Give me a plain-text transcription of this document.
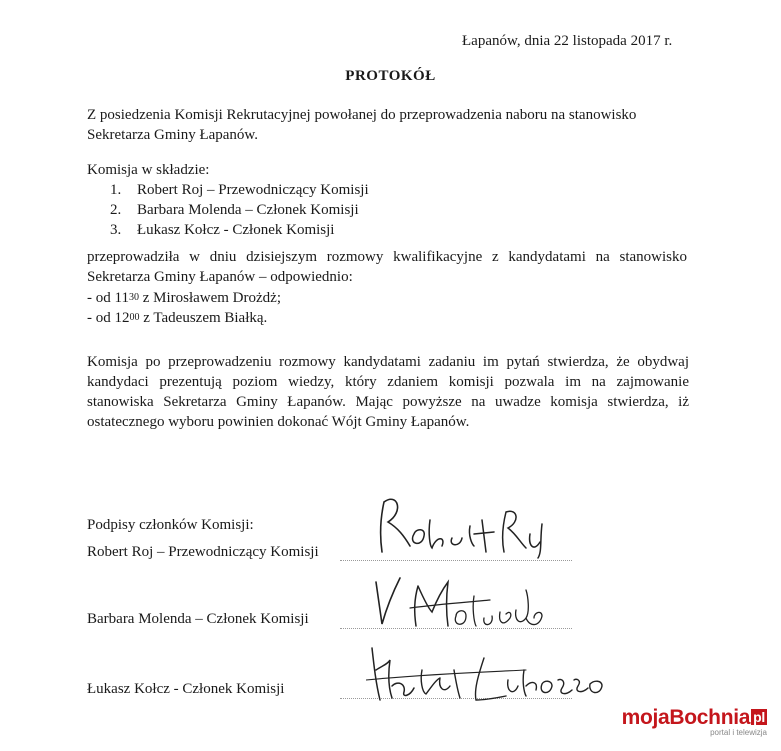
Łapanów, dnia 22 listopada 2017 r.
PROTOKÓŁ
Z posiedzenia Komisji Rekrutacyjnej powołanej do przeprowadzenia naboru na stanowisko Sekretarza Gminy Łapanów.
Komisja w składzie:
1. Robert Roj – Przewodniczący Komisji
2. Barbara Molenda – Członek Komisji
3. Łukasz Kołcz - Członek Komisji
przeprowadziła w dniu dzisiejszym rozmowy kwalifikacyjne z kandydatami na stanowisko
Sekretarza Gminy Łapanów – odpowiednio:
- od $11^{30}$ z Mirosławem Drożdż;
- od $12^{00}$ z Tadeuszem Białką.
Komisja po przeprowadzeniu rozmowy kandydatami zadaniu im pytań stwierdza, że obydwaj kandydaci prezentują poziom wiedzy, który zdaniem komisji pozwala im na zajmowanie stanowiska Sekretarza Gminy Łapanów. Mając powyższe na uwadze komisja stwierdza, iż ostatecznego wyboru powinien dokonać Wójt Gminy Łapanów.
Podpisy członków Komisji:
Robert Roj – Przewodniczący Komisji
Barbara Molenda – Członek Komisji
Łukasz Kołcz - Członek Komisji
mojaBochnia pl
portal i telewizja
